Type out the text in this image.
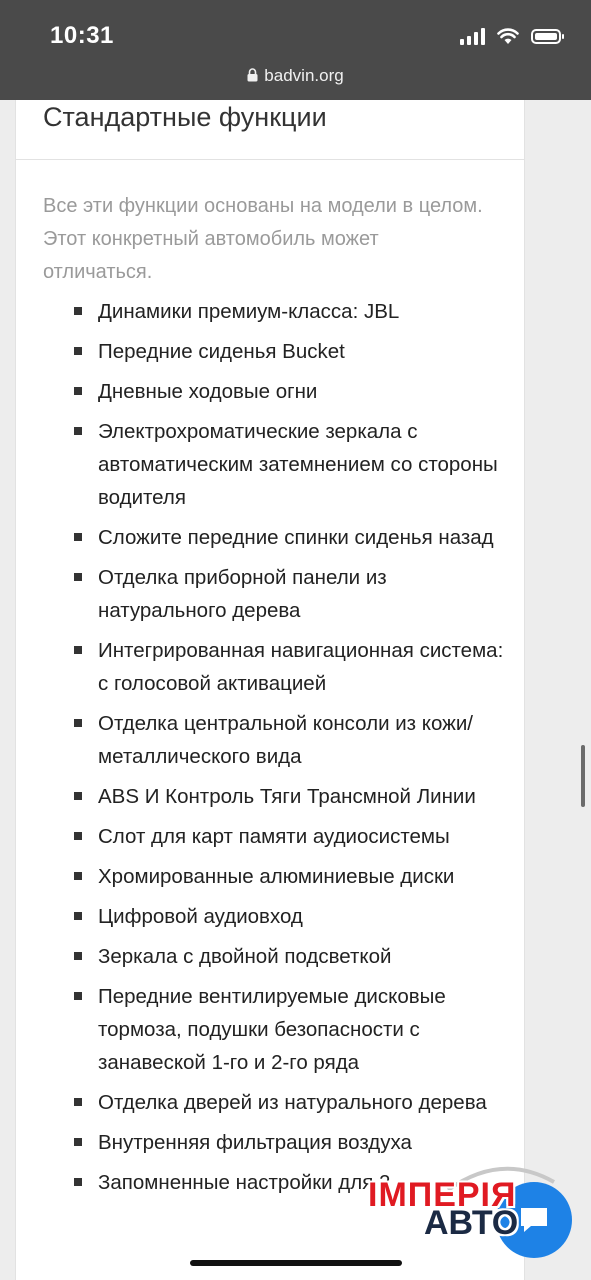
10:31
badvin.org
Стандартные функции
Все эти функции основаны на модели в целом. Этот конкретный автомобиль может отличаться.
Динамики премиум-класса: JBL
Передние сиденья Bucket
Дневные ходовые огни
Электрохроматические зеркала с автоматическим затемнением со стороны водителя
Сложите передние спинки сиденья назад
Отделка приборной панели из натурального дерева
Интегрированная навигационная система: с голосовой активацией
Отделка центральной консоли из кожи/металлического вида
ABS И Контроль Тяги Трансмной Линии
Слот для карт памяти аудиосистемы
Хромированные алюминиевые диски
Цифровой аудиовход
Зеркала с двойной подсветкой
Передние вентилируемые дисковые тормоза, подушки безопасности с занавеской 1-го и 2-го ряда
Отделка дверей из натурального дерева
Внутренняя фильтрация воздуха
Запомненные настройки для 2
ІМПЕРІЯ
АВТО
